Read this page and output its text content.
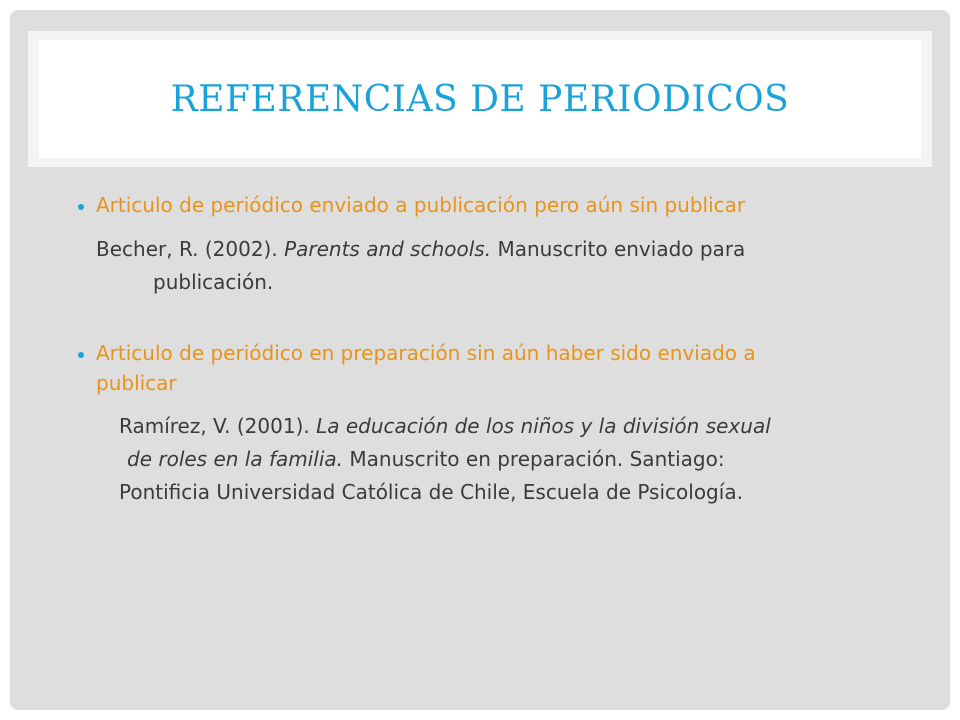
REFERENCIAS DE PERIODICOS

Articulo de periódico enviado a publicación pero aún sin publicar

Becher, R. (2002). Parents and schools. Manuscrito enviado para

publicación.

Articulo de periódico en preparación sin aún haber sido enviado a

publicar

Ramírez, V. (2001). La educación de los niños y la división sexual

de roles en la familia. Manuscrito en preparación. Santiago:

Pontificia Universidad Católica de Chile, Escuela de Psicología.
